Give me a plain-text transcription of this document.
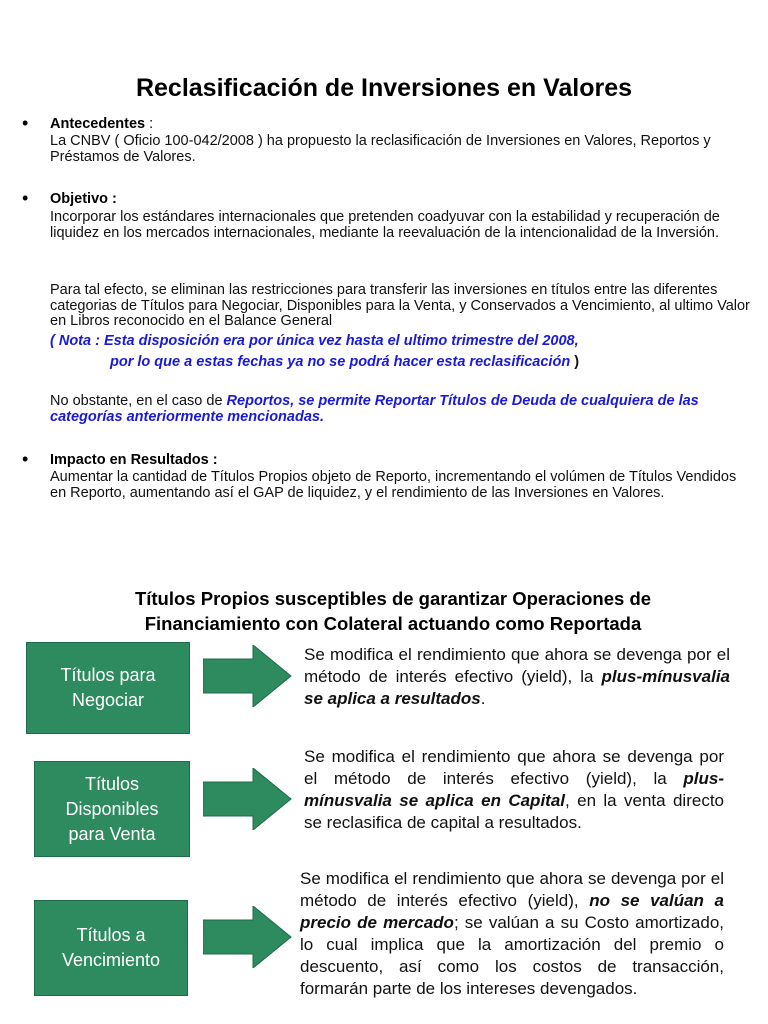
Reclasificación de Inversiones en Valores
• Antecedentes :
La CNBV ( Oficio 100-042/2008 ) ha propuesto la reclasificación de Inversiones en Valores, Reportos y Préstamos de Valores.
• Objetivo :
Incorporar los estándares internacionales que pretenden coadyuvar con la estabilidad y recuperación de liquidez en los mercados internacionales, mediante la reevaluación de la intencionalidad de la Inversión.
Para tal efecto, se eliminan las restricciones para transferir las inversiones en títulos entre las diferentes categorias de Títulos para Negociar, Disponibles para la Venta, y Conservados a Vencimiento, al ultimo Valor en Libros reconocido en el Balance General
( Nota : Esta disposición era por única vez hasta el ultimo trimestre del 2008,
por lo que a estas fechas ya no se podrá hacer esta reclasificación )
No obstante, en el caso de Reportos, se permite Reportar Títulos de Deuda de cualquiera de las categorías anteriormente mencionadas.
• Impacto en Resultados :
Aumentar la cantidad de Títulos Propios objeto de Reporto, incrementando el volúmen de Títulos Vendidos en Reporto, aumentando así el GAP de liquidez, y el rendimiento de las Inversiones en Valores.
Títulos Propios susceptibles de garantizar Operaciones de
Financiamiento con Colateral actuando como Reportada
Títulos para
Negociar
Se modifica el rendimiento que ahora se devenga por el método de interés efectivo (yield), la plus-mínusvalia se aplica a resultados.
Títulos
Disponibles
para Venta
Se modifica el rendimiento que ahora se devenga por el método de interés efectivo (yield), la plus-mínusvalia se aplica en Capital, en la venta directo se reclasifica de capital a resultados.
Títulos a
Vencimiento
Se modifica el rendimiento que ahora se devenga por el método de interés efectivo (yield), no se valúan a precio de mercado; se valúan a su Costo amortizado, lo cual implica que la amortización del premio o descuento, así como los costos de transacción, formarán parte de los intereses devengados.
